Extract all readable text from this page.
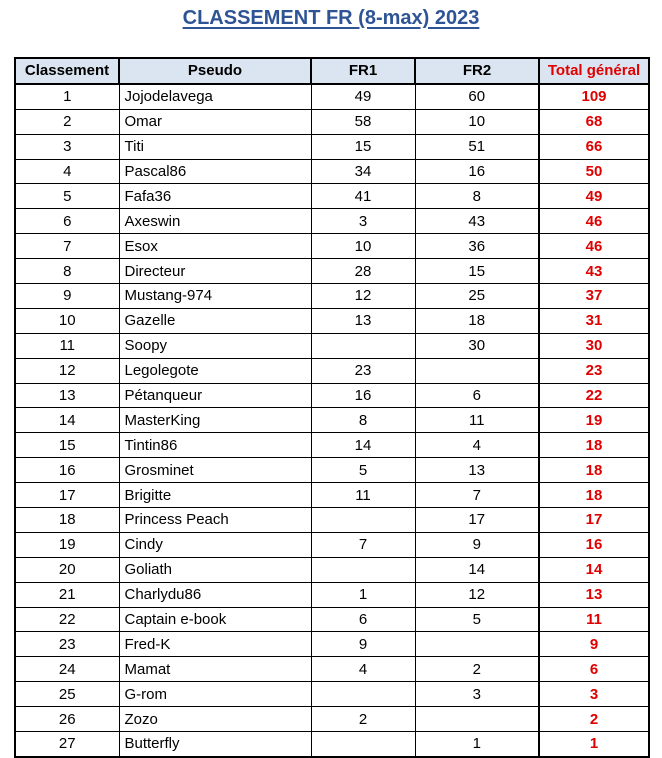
CLASSEMENT FR (8-max) 2023
Classement	Pseudo	FR1	FR2	Total général
1	Jojodelavega	49	60	109
2	Omar	58	10	68
3	Titi	15	51	66
4	Pascal86	34	16	50
5	Fafa36	41	8	49
6	Axeswin	3	43	46
7	Esox	10	36	46
8	Directeur	28	15	43
9	Mustang-974	12	25	37
10	Gazelle	13	18	31
11	Soopy		30	30
12	Legolegote	23		23
13	Pétanqueur	16	6	22
14	MasterKing	8	11	19
15	Tintin86	14	4	18
16	Grosminet	5	13	18
17	Brigitte	11	7	18
18	Princess Peach		17	17
19	Cindy	7	9	16
20	Goliath		14	14
21	Charlydu86	1	12	13
22	Captain e-book	6	5	11
23	Fred-K	9		9
24	Mamat	4	2	6
25	G-rom		3	3
26	Zozo	2		2
27	Butterfly		1	1
